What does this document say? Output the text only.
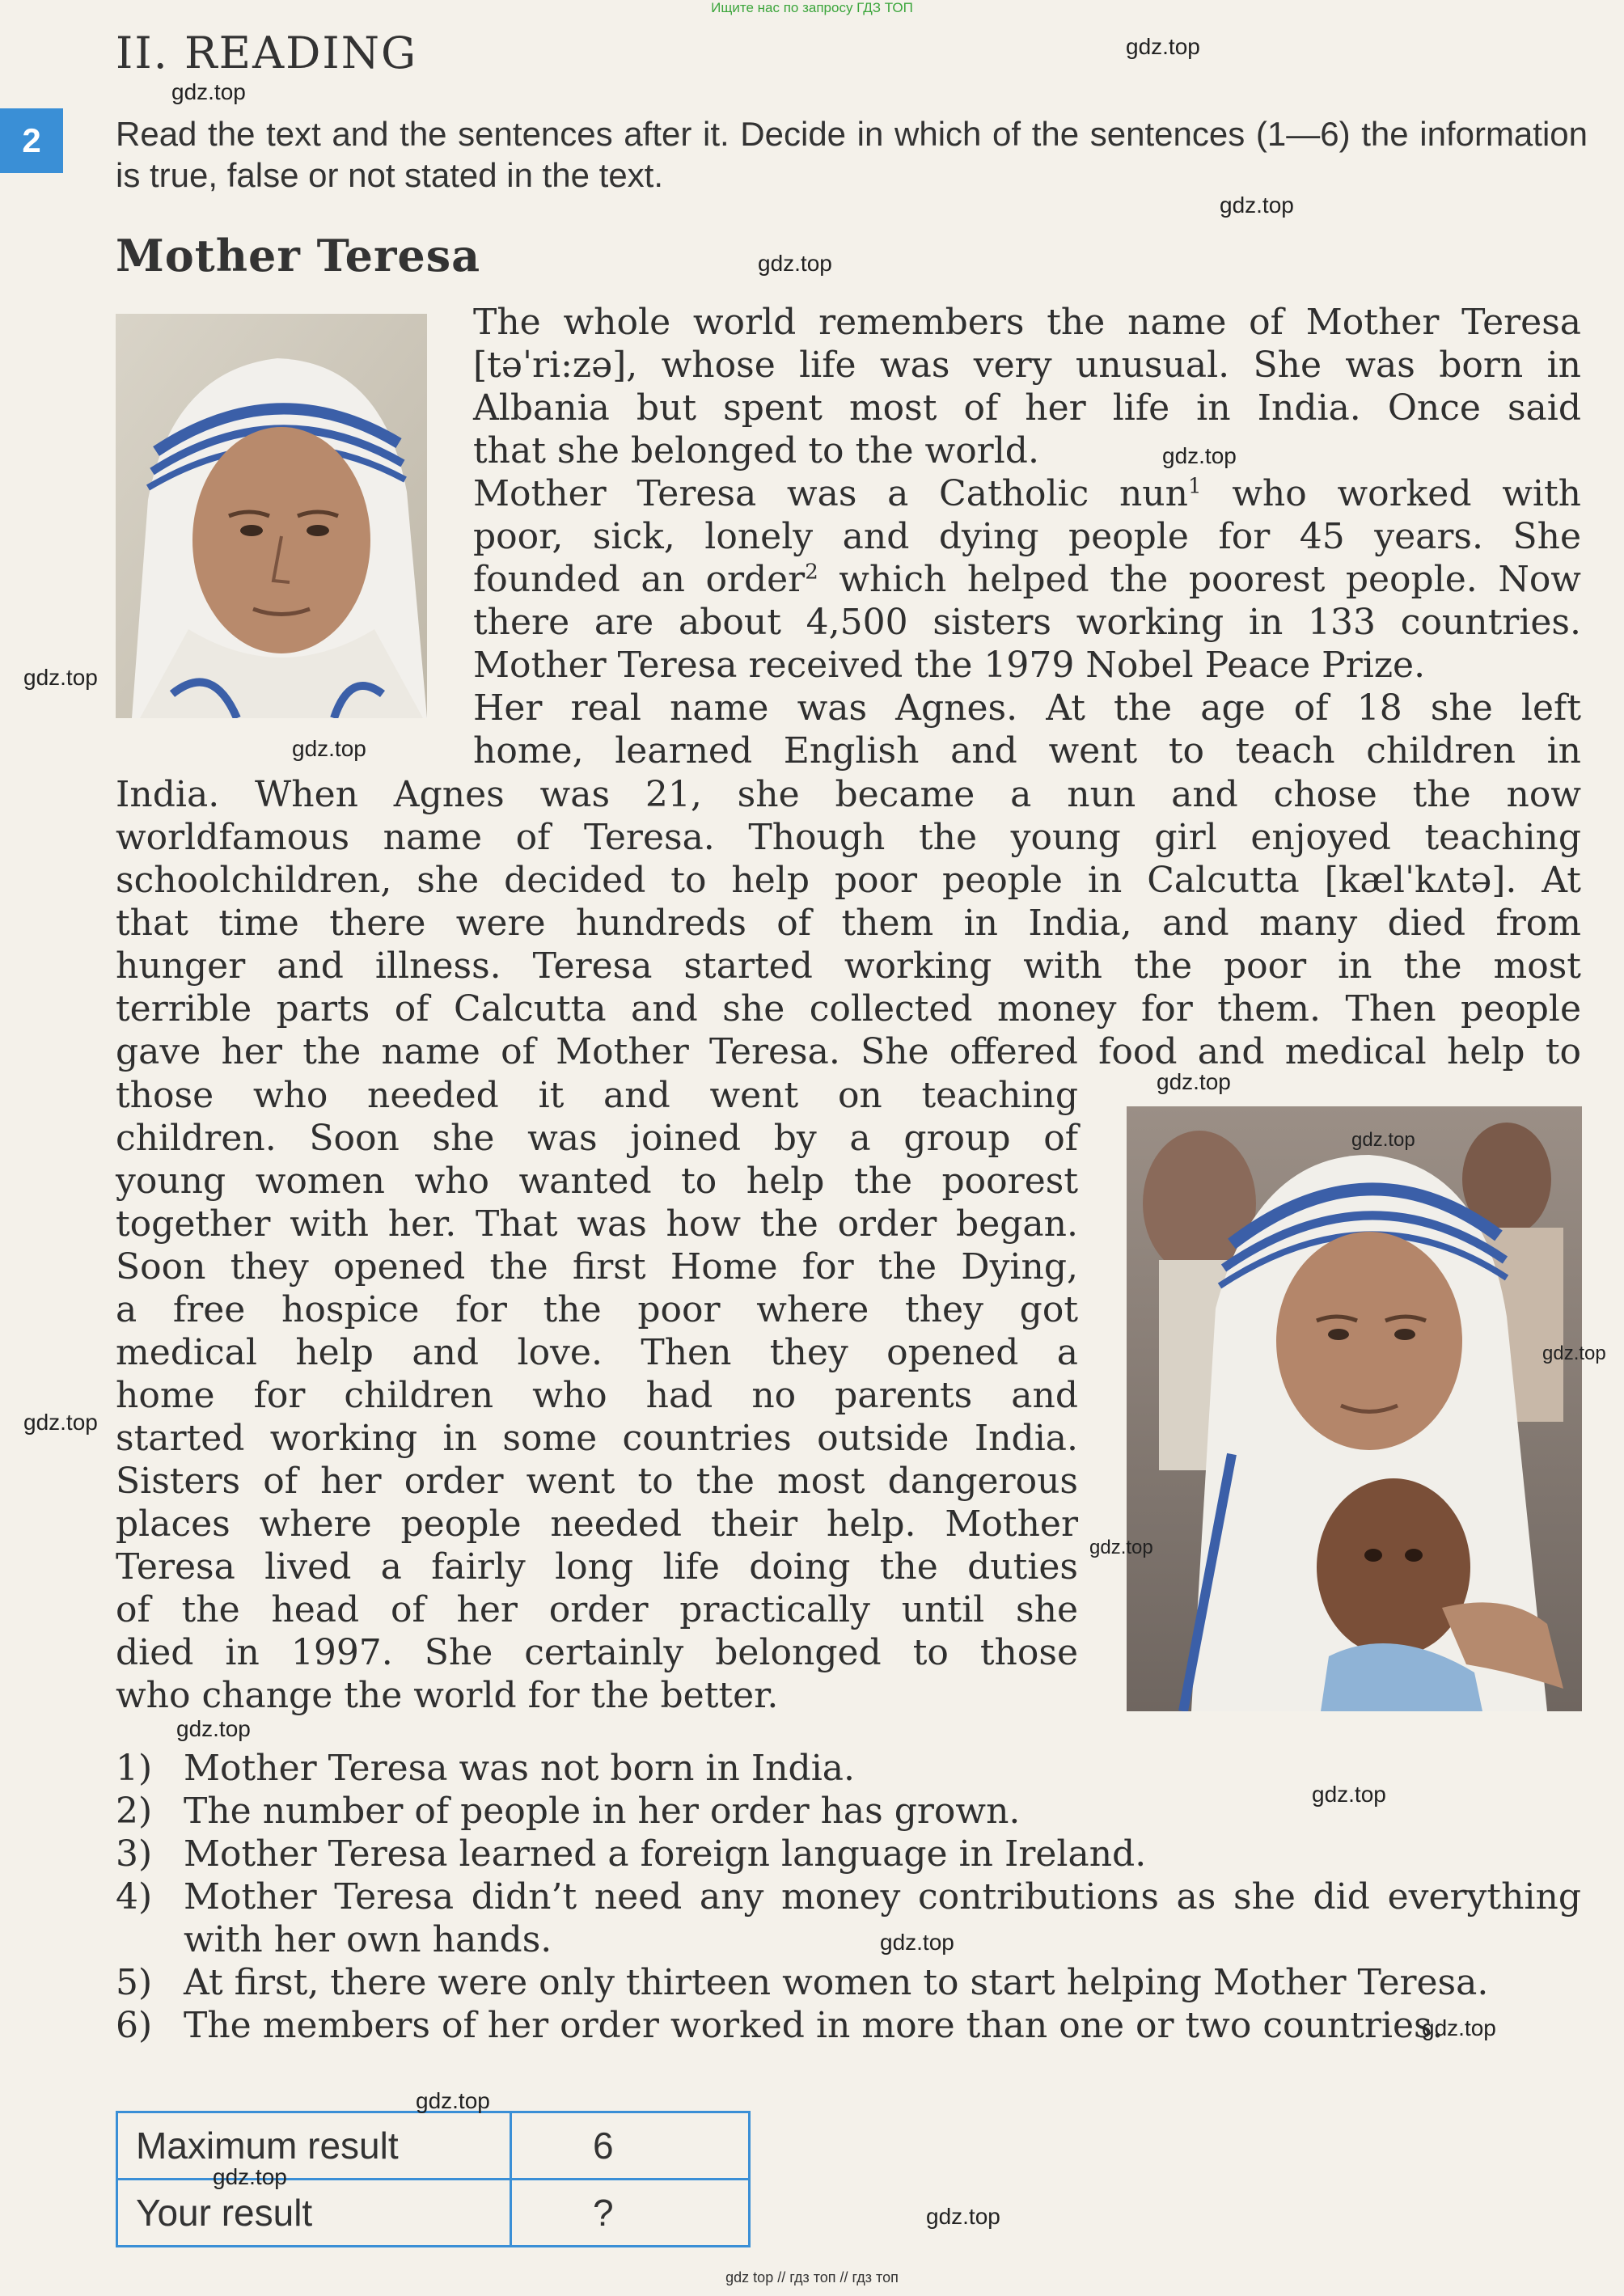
Ищите нас по запросу ГДЗ ТОП
II. READING
2	Read the text and the sentences after it. Decide in which of the sentences (1—6) the information is true, false or not stated in the text.
Mother Teresa

The whole world remembers the name of Mother Teresa

[təˈri:zə], whose life was very unusual. She was born in

Albania but spent most of her life in India. Once said

that she belonged to the world.

Mother Teresa was a Catholic nun$^1$ who worked with

poor, sick, lonely and dying people for 45 years. She

founded an order$^2$ which helped the poorest people. Now

there are about 4,500 sisters working in 133 countries.

Mother Teresa received the 1979 Nobel Peace Prize.

Her real name was Agnes. At the age of 18 she left

home, learned English and went to teach children in

India. When Agnes was 21, she became a nun and chose the now

worldfamous name of Teresa. Though the young girl enjoyed teaching

schoolchildren, she decided to help poor people in Calcutta [kælˈkʌtə]. At

that time there were hundreds of them in India, and many died from

hunger and illness. Teresa started working with the poor in the most

terrible parts of Calcutta and she collected money for them. Then people

gave her the name of Mother Teresa. She offered food and medical help to

those who needed it and went on teaching

children. Soon she was joined by a group of

young women who wanted to help the poorest

together with her. That was how the order began.

Soon they opened the first Home for the Dying,

a free hospice for the poor where they got

medical help and love. Then they opened a

home for children who had no parents and

started working in some countries outside India.

Sisters of her order went to the most dangerous

places where people needed their help. Mother

Teresa lived a fairly long life doing the duties

of the head of her order practically until she

died in 1997. She certainly belonged to those

who change the world for the better.

1) Mother Teresa was not born in India.
2) The number of people in her order has grown.
3) Mother Teresa learned a foreign language in Ireland.
4) Mother Teresa didn’t need any money contributions as she did everything with her own hands.
5) At first, there were only thirteen women to start helping Mother Teresa.
6) The members of her order worked in more than one or two countries.
Maximum result	6
Your result	?
gdz.top
gdz.top
gdz.top
gdz.top
gdz.top
gdz.top
gdz.top
gdz.top
gdz.top
gdz.top
gdz.top
gdz.top
gdz.top
gdz.top
gdz.top
gdz.top
gdz.top
gdz.top
gdz.top
gdz top // гдз топ // гдз топ
